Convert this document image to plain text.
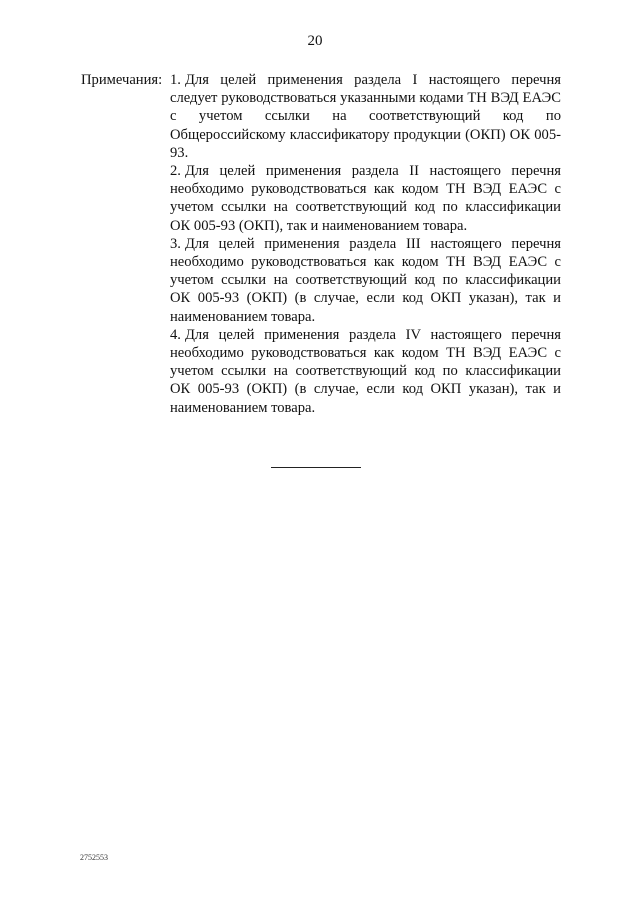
20
Примечания: 1. Для целей применения раздела I настоящего перечня следует руководствоваться указанными кодами ТН ВЭД ЕАЭС с учетом ссылки на соответствующий код по Общероссийскому классификатору продукции (ОКП) ОК 005-93.
2. Для целей применения раздела II настоящего перечня необходимо руководствоваться как кодом ТН ВЭД ЕАЭС с учетом ссылки на соответствующий код по классификации ОК 005-93 (ОКП), так и наименованием товара.
3. Для целей применения раздела III настоящего перечня необходимо руководствоваться как кодом ТН ВЭД ЕАЭС с учетом ссылки на соответствующий код по классификации ОК 005-93 (ОКП) (в случае, если код ОКП указан), так и наименованием товара.
4. Для целей применения раздела IV настоящего перечня необходимо руководствоваться как кодом ТН ВЭД ЕАЭС с учетом ссылки на соответствующий код по классификации ОК 005-93 (ОКП) (в случае, если код ОКП указан), так и наименованием товара.
2752553
